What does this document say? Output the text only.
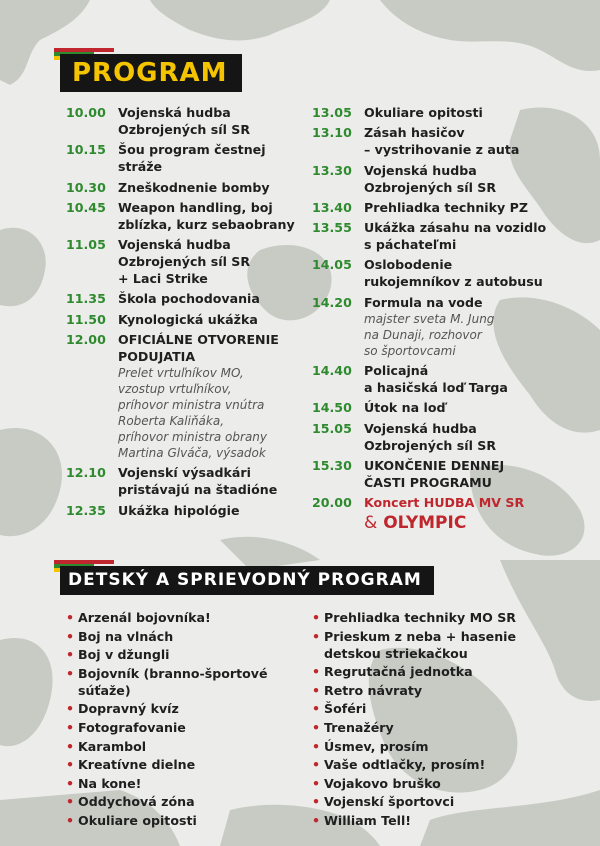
PROGRAM
10.00 Vojenská hudba
Ozbrojených síl SR
10.15 Šou program čestnej
stráže
10.30 Zneškodnenie bomby
10.45 Weapon handling, boj
zblízka, kurz sebaobrany
11.05 Vojenská hudba
Ozbrojených síl SR
+ Laci Strike
11.35 Škola pochodovania
11.50 Kynologická ukážka
12.00 OFICIÁLNE OTVORENIE
PODUJATIA
Prelet vrtuľníkov MO,
vzostup vrtuľníkov,
príhovor ministra vnútra
Roberta Kaliňáka,
príhovor ministra obrany
Martina Glváča, výsadok
12.10 Vojenskí výsadkári
pristávajú na štadióne
12.35 Ukážka hipológie
13.05 Okuliare opitosti
13.10 Zásah hasičov
– vystrihovanie z auta
13.30 Vojenská hudba
Ozbrojených síl SR
13.40 Prehliadka techniky PZ
13.55 Ukážka zásahu na vozidlo
s páchateľmi
14.05 Oslobodenie
rukojemníkov z autobusu
14.20 Formula na vode
majster sveta M. Jung
na Dunaji, rozhovor
so športovcami
14.40 Policajná
a hasičská loď Targa
14.50 Útok na loď
15.05 Vojenská hudba
Ozbrojených síl SR
15.30 UKONČENIE DENNEJ
ČASTI PROGRAMU
20.00 Koncert HUDBA MV SR
& OLYMPIC
DETSKÝ A SPRIEVODNÝ PROGRAM
• Arzenál bojovníka!
• Boj na vlnách
• Boj v džungli
• Bojovník (branno-športové
súťaže)
• Dopravný kvíz
• Fotografovanie
• Karambol
• Kreatívne dielne
• Na kone!
• Oddychová zóna
• Okuliare opitosti
• Prehliadka techniky MO SR
• Prieskum z neba + hasenie
detskou striekačkou
• Regrutačná jednotka
• Retro návraty
• Šoféri
• Trenažéry
• Úsmev, prosím
• Vaše odtlačky, prosím!
• Vojakovo bruško
• Vojenskí športovci
• William Tell!
